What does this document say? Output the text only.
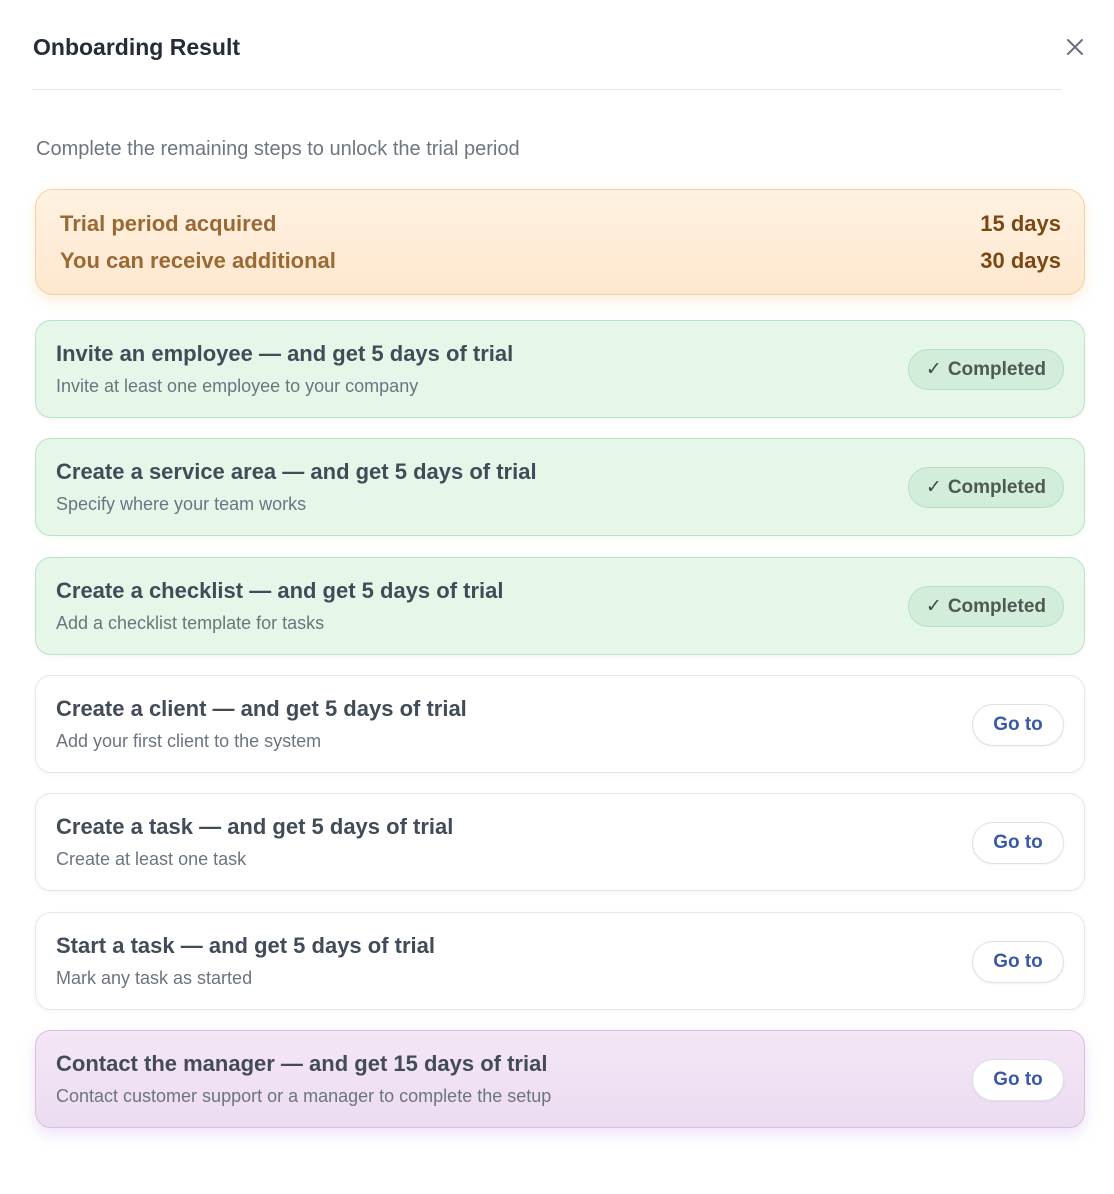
Onboarding Result
Complete the remaining steps to unlock the trial period
Trial period acquired	15 days
You can receive additional	30 days
Invite an employee — and get 5 days of trial
Invite at least one employee to your company
✓ Completed
Create a service area — and get 5 days of trial
Specify where your team works
✓ Completed
Create a checklist — and get 5 days of trial
Add a checklist template for tasks
✓ Completed
Create a client — and get 5 days of trial
Add your first client to the system
Go to
Create a task — and get 5 days of trial
Create at least one task
Go to
Start a task — and get 5 days of trial
Mark any task as started
Go to
Contact the manager — and get 15 days of trial
Contact customer support or a manager to complete the setup
Go to
